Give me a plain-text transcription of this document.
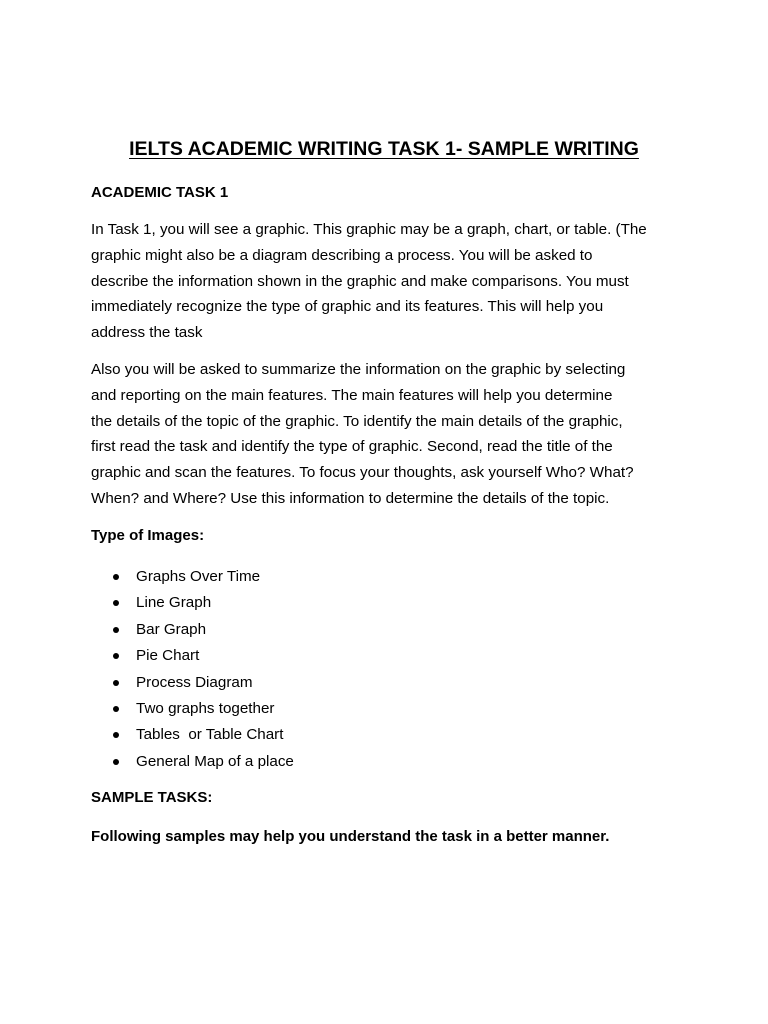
IELTS ACADEMIC WRITING TASK 1- SAMPLE WRITING
ACADEMIC TASK 1

In Task 1, you will see a graphic. This graphic may be a graph, chart, or table. (The
graphic might also be a diagram describing a process. You will be asked to
describe the information shown in the graphic and make comparisons. You must
immediately recognize the type of graphic and its features. This will help you
address the task

Also you will be asked to summarize the information on the graphic by selecting
and reporting on the main features. The main features will help you determine
the details of the topic of the graphic. To identify the main details of the graphic,
first read the task and identify the type of graphic. Second, read the title of the
graphic and scan the features. To focus your thoughts, ask yourself Who? What?
When? and Where? Use this information to determine the details of the topic.

Type of Images:
Graphs Over Time
Line Graph
Bar Graph
Pie Chart
Process Diagram
Two graphs together
Tables  or Table Chart
General Map of a place
SAMPLE TASKS:
Following samples may help you understand the task in a better manner.
